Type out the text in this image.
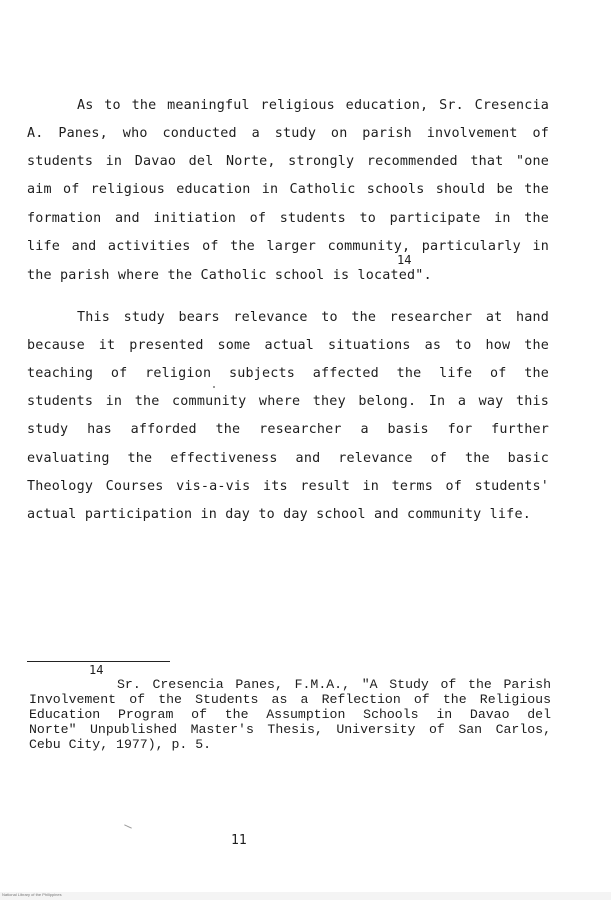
As to the meaningful religious education, Sr. Cresencia

A. Panes, who conducted a study on parish involvement of

students in Davao del Norte, strongly recommended that "one

aim of religious education in Catholic schools should be the

formation and initiation of students to participate in the

life and activities of the larger community, particularly in

14

the parish where the Catholic school is located".

This study bears relevance to the researcher at hand

because it presented some actual situations as to how the

teaching of religion subjects affected the life of the

students in the community where they belong. In a way this

study has afforded the researcher a basis for further

evaluating the effectiveness and relevance of the basic

Theology Courses vis-a-vis its result in terms of students'

actual participation in day to day school and community life.

14

Sr. Cresencia Panes, F.M.A., "A Study of the Parish

Involvement of the Students as a Reflection of the Religious

Education Program of the Assumption Schools in Davao del

Norte" Unpublished Master's Thesis, University of San Carlos,

Cebu City, 1977), p. 5.

11
National Library of the Philippines
